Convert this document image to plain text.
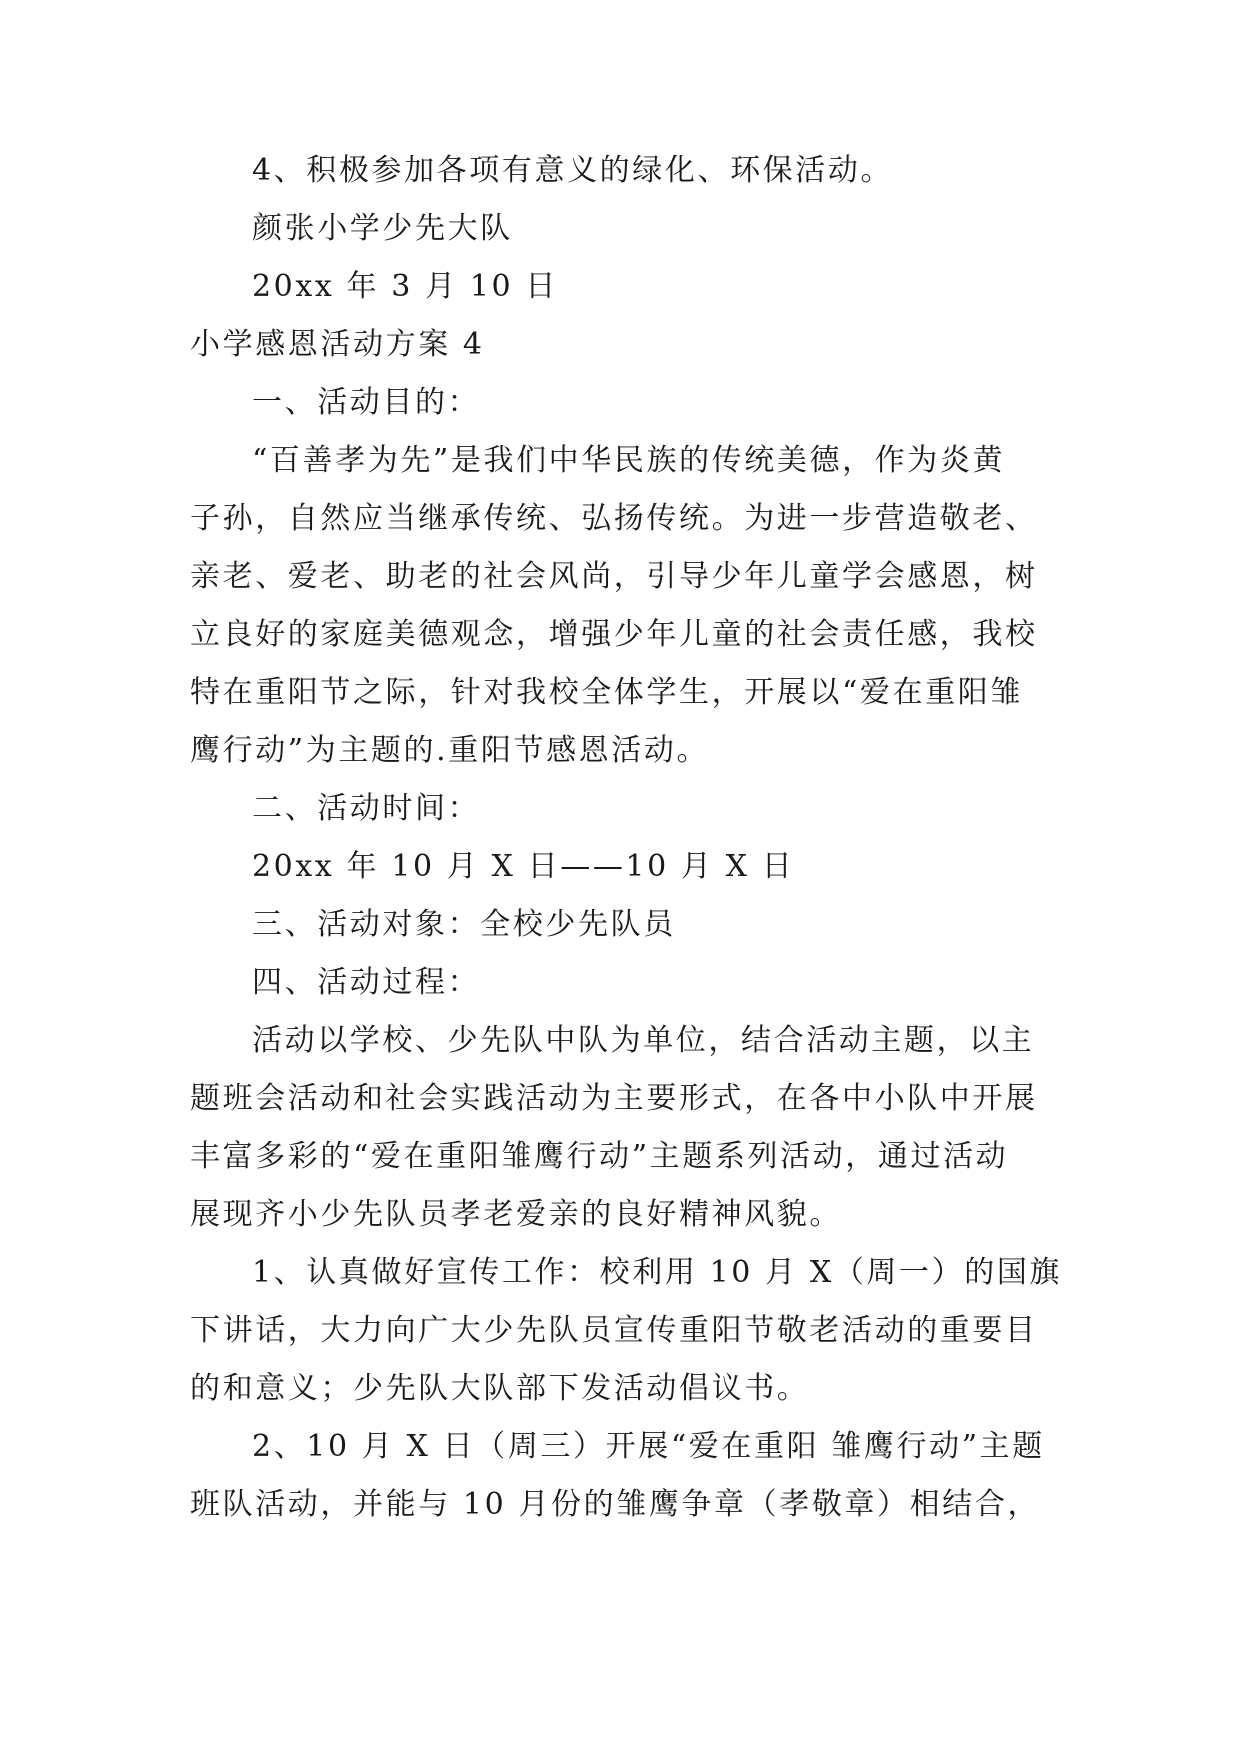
4、积极参加各项有意义的绿化、环保活动。
颜张小学少先大队
20xx 年 3 月 10 日
小学感恩活动方案 4
一、活动目的：
“百善孝为先”是我们中华民族的传统美德，作为炎黄
子孙，自然应当继承传统、弘扬传统。为进一步营造敬老、
亲老、爱老、助老的社会风尚，引导少年儿童学会感恩，树
立良好的家庭美德观念，增强少年儿童的社会责任感，我校
特在重阳节之际，针对我校全体学生，开展以“爱在重阳雏
鹰行动”为主题的.重阳节感恩活动。
二、活动时间：
20xx 年 10 月 X 日——10 月 X 日
三、活动对象：全校少先队员
四、活动过程：
活动以学校、少先队中队为单位，结合活动主题，以主
题班会活动和社会实践活动为主要形式，在各中小队中开展
丰富多彩的“爱在重阳雏鹰行动”主题系列活动，通过活动
展现齐小少先队员孝老爱亲的良好精神风貌。
1、认真做好宣传工作：校利用 10 月 X（周一）的国旗
下讲话，大力向广大少先队员宣传重阳节敬老活动的重要目
的和意义；少先队大队部下发活动倡议书。
2、10 月 X 日（周三）开展“爱在重阳 雏鹰行动”主题
班队活动，并能与 10 月份的雏鹰争章（孝敬章）相结合，
